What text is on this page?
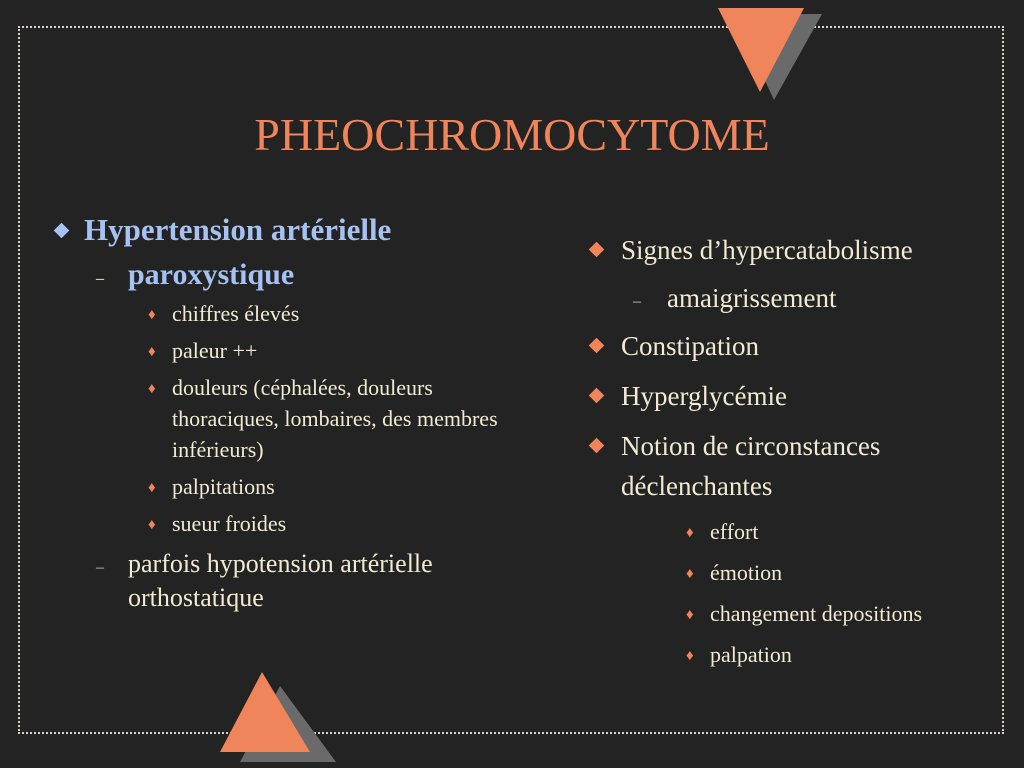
PHEOCHROMOCYTOME
Hypertension artérielle
– paroxystique
♦ chiffres élevés
♦ paleur ++
♦ douleurs (céphalées, douleurs thoraciques, lombaires, des membres inférieurs)
♦ palpitations
♦ sueur froides
– parfois hypotension artérielle orthostatique
Signes d’hypercatabolisme
– amaigrissement
Constipation
Hyperglycémie
Notion de circonstances déclenchantes
♦ effort
♦ émotion
♦ changement depositions
♦ palpation
